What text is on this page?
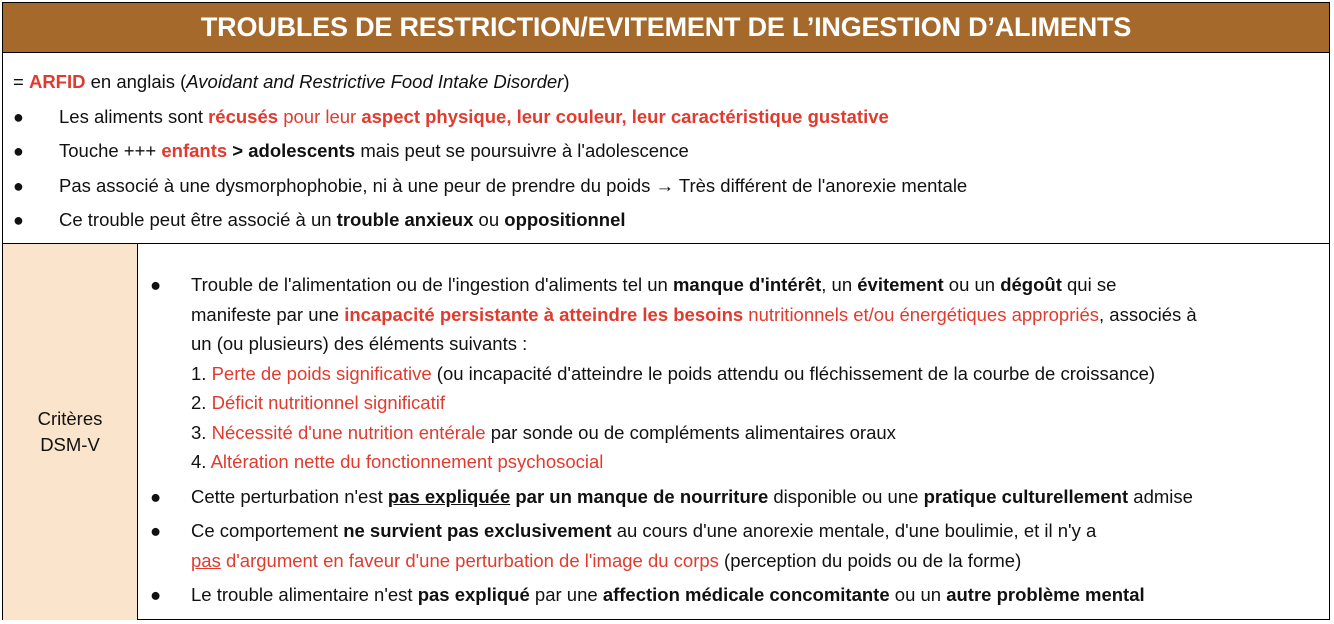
TROUBLES DE RESTRICTION/EVITEMENT DE L’INGESTION D’ALIMENTS
= ARFID en anglais (Avoidant and Restrictive Food Intake Disorder)
●	Les aliments sont récusés pour leur aspect physique, leur couleur, leur caractéristique gustative
●	Touche +++ enfants > adolescents mais peut se poursuivre à l'adolescence
●	Pas associé à une dysmorphophobie, ni à une peur de prendre du poids → Très différent de l'anorexie mentale
●	Ce trouble peut être associé à un trouble anxieux ou oppositionnel
Critères
DSM-V
●	Trouble de l'alimentation ou de l'ingestion d'aliments tel un manque d'intérêt, un évitement ou un dégoût qui se
manifeste par une incapacité persistante à atteindre les besoins nutritionnels et/ou énergétiques appropriés, associés à
un (ou plusieurs) des éléments suivants :
1. Perte de poids significative (ou incapacité d'atteindre le poids attendu ou fléchissement de la courbe de croissance)
2. Déficit nutritionnel significatif
3. Nécessité d'une nutrition entérale par sonde ou de compléments alimentaires oraux
4. Altération nette du fonctionnement psychosocial
●	Cette perturbation n'est pas expliquée par un manque de nourriture disponible ou une pratique culturellement admise
●	Ce comportement ne survient pas exclusivement au cours d'une anorexie mentale, d'une boulimie, et il n'y a
pas d'argument en faveur d'une perturbation de l'image du corps (perception du poids ou de la forme)
●	Le trouble alimentaire n'est pas expliqué par une affection médicale concomitante ou un autre problème mental
